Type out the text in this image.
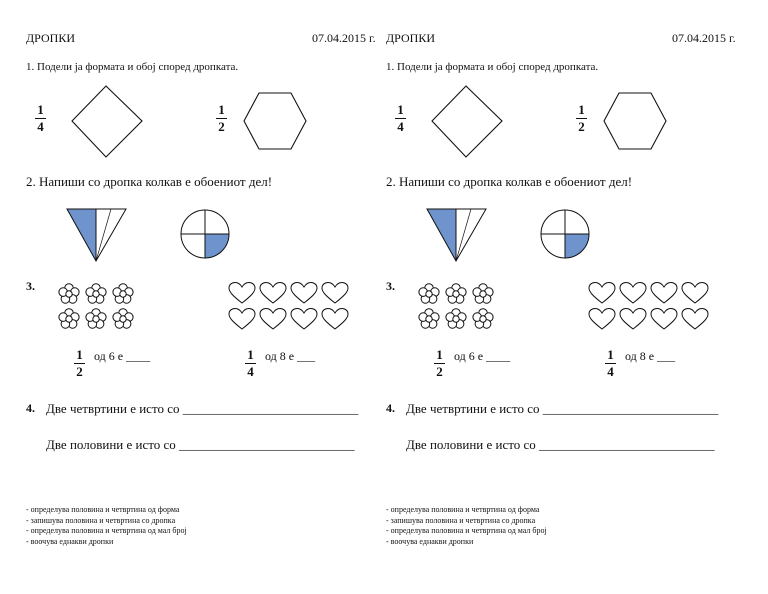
ДРОПКИ	07.04.2015 г.
1. Подели ја формата и обој според дропката.
1
4
1
2
2. Напиши со дропка колкав е обоениот дел!
3.
1
2
од 6 е ____	1
4
од 8 е ___
4. Две четвртини е исто со ___________________________
Две половини е исто со ___________________________
- определува половина и четвртина од форма
- запишува половина и четвртина со дропка
- определува половина и четвртина од мал број
- воочува еднакви дропки
ДРОПКИ	07.04.2015 г.
1. Подели ја формата и обој според дропката.
1
4
1
2
2. Напиши со дропка колкав е обоениот дел!
3.
1
2
од 6 е ____	1
4
од 8 е ___
4. Две четвртини е исто со ___________________________
Две половини е исто со ___________________________
- определува половина и четвртина од форма
- запишува половина и четвртина со дропка
- определува половина и четвртина од мал број
- воочува еднакви дропки
